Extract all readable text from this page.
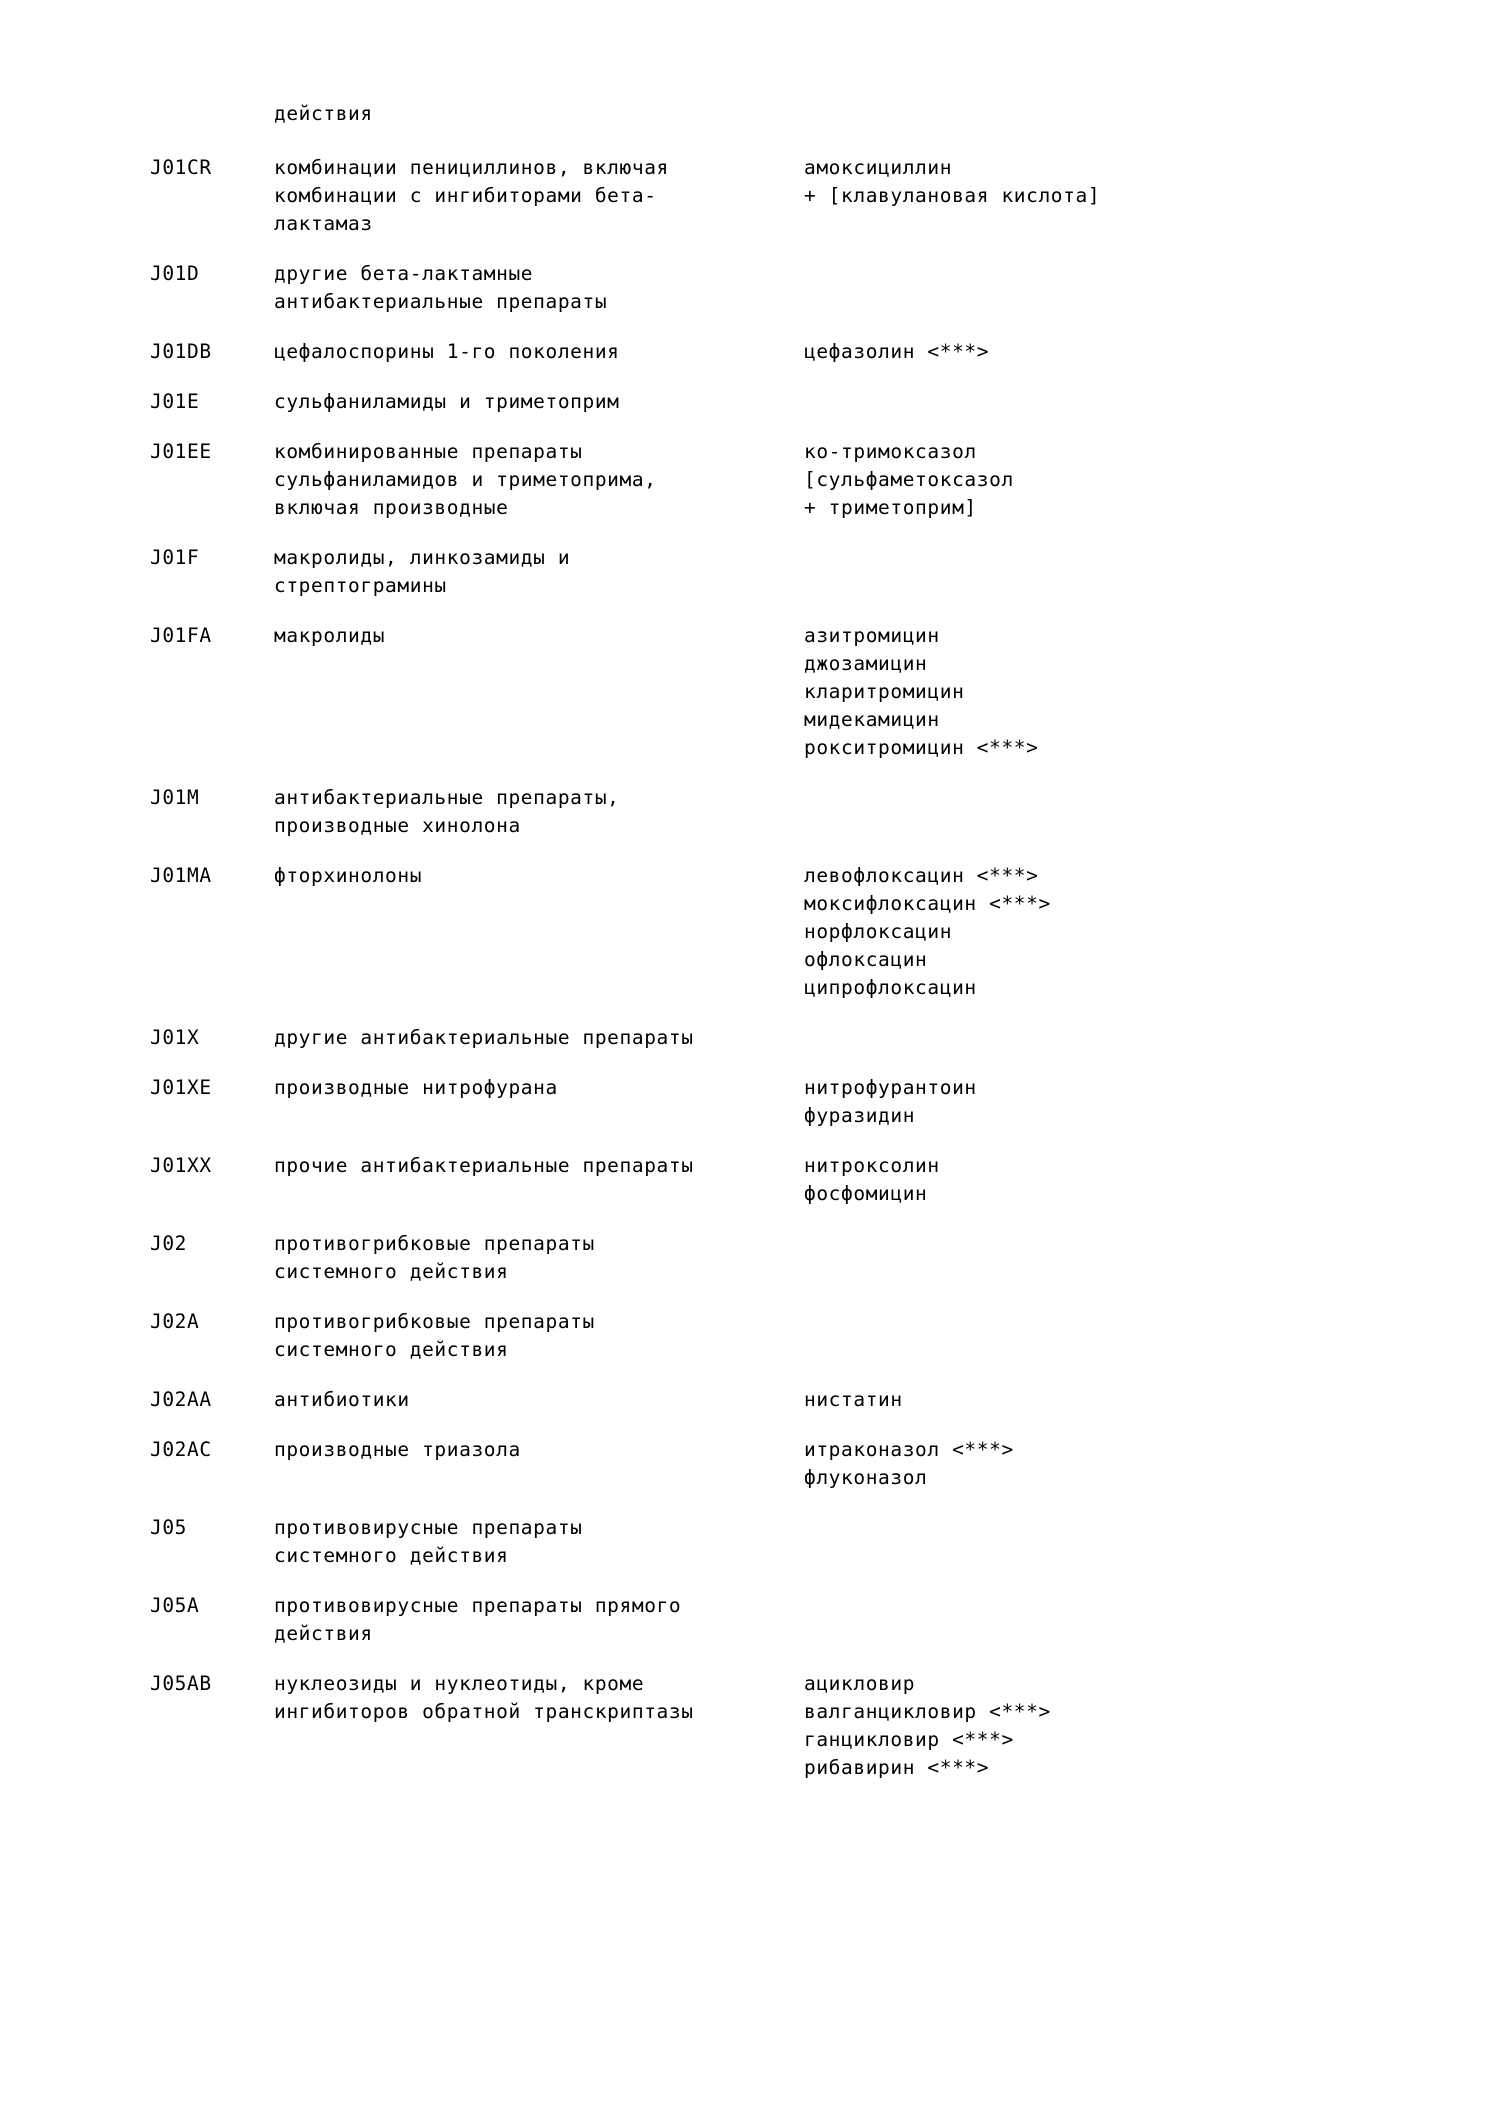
действия
J01CR	комбинации пенициллинов, включая
комбинации с ингибиторами бета-
лактамаз	амоксициллин
+ [клавулановая кислота]

J01D	другие бета-лактамные
антибактериальные препараты	

J01DB	цефалоспорины 1-го поколения	цефазолин <***>

J01E	сульфаниламиды и триметоприм	

J01EE	комбинированные препараты
сульфаниламидов и триметоприма,
включая производные	ко-тримоксазол
[сульфаметоксазол
+ триметоприм]

J01F	макролиды, линкозамиды и
стрептограмины	

J01FA	макролиды	азитромицин
джозамицин
кларитромицин
мидекамицин
рокситромицин <***>

J01M	антибактериальные препараты,
производные хинолона	

J01MA	фторхинолоны	левофлоксацин <***>
моксифлоксацин <***>
норфлоксацин
офлоксацин
ципрофлоксацин

J01X	другие антибактериальные препараты	

J01XE	производные нитрофурана	нитрофурантоин
фуразидин

J01XX	прочие антибактериальные препараты	нитроксолин
фосфомицин

J02	противогрибковые препараты
системного действия	

J02A	противогрибковые препараты
системного действия	

J02AA	антибиотики	нистатин

J02AC	производные триазола	итраконазол <***>
флуконазол

J05	противовирусные препараты
системного действия	

J05A	противовирусные препараты прямого
действия	

J05AB	нуклеозиды и нуклеотиды, кроме
ингибиторов обратной транскриптазы	ацикловир
валганцикловир <***>
ганцикловир <***>
рибавирин <***>
